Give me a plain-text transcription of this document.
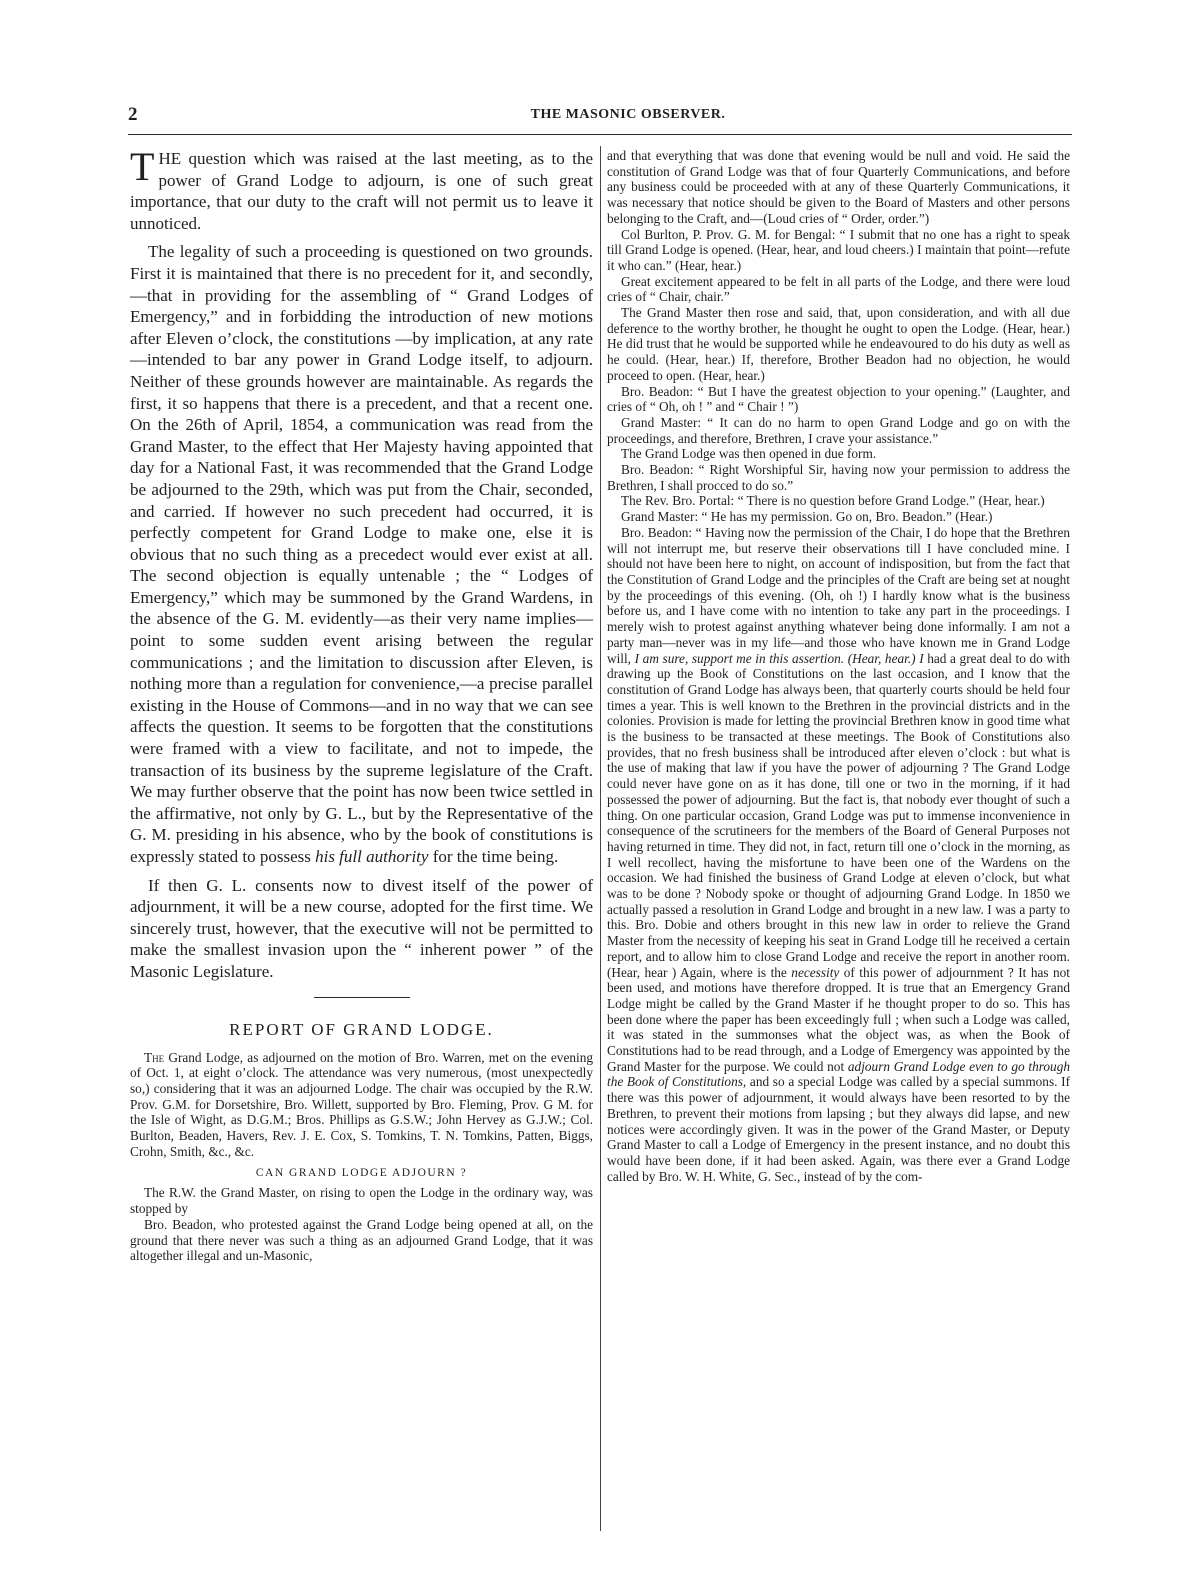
2	THE MASONIC OBSERVER.

THE question which was raised at the last meeting, as to the power of Grand Lodge to adjourn, is one of such great importance, that our duty to the craft will not permit us to leave it unnoticed.

The legality of such a proceeding is questioned on two grounds. First it is maintained that there is no precedent for it, and secondly,—that in providing for the assembling of “ Grand Lodges of Emergency,” and in forbidding the introduction of new motions after Eleven o’clock, the constitutions —by implication, at any rate—intended to bar any power in Grand Lodge itself, to adjourn. Neither of these grounds however are maintainable. As regards the first, it so happens that there is a precedent, and that a recent one. On the 26th of April, 1854, a communication was read from the Grand Master, to the effect that Her Majesty having appointed that day for a National Fast, it was recommended that the Grand Lodge be adjourned to the 29th, which was put from the Chair, seconded, and carried. If however no such precedent had occurred, it is perfectly competent for Grand Lodge to make one, else it is obvious that no such thing as a precedect would ever exist at all. The second objection is equally untenable ; the “ Lodges of Emergency,” which may be summoned by the Grand Wardens, in the absence of the G. M. evidently—as their very name implies—point to some sudden event arising between the regular communications ; and the limitation to discussion after Eleven, is nothing more than a regulation for convenience,—a precise parallel existing in the House of Commons—and in no way that we can see affects the question. It seems to be forgotten that the constitutions were framed with a view to facilitate, and not to impede, the transaction of its business by the supreme legislature of the Craft. We may further observe that the point has now been twice settled in the affirmative, not only by G. L., but by the Representative of the G. M. presiding in his absence, who by the book of constitutions is expressly stated to possess his full authority for the time being.

If then G. L. consents now to divest itself of the power of adjournment, it will be a new course, adopted for the first time. We sincerely trust, however, that the executive will not be permitted to make the smallest invasion upon the “ inherent power ” of the Masonic Legislature.

REPORT OF GRAND LODGE.

The Grand Lodge, as adjourned on the motion of Bro. Warren, met on the evening of Oct. 1, at eight o’clock. The attendance was very numerous, (most unexpectedly so,) considering that it was an adjourned Lodge. The chair was occupied by the R.W. Prov. G.M. for Dorsetshire, Bro. Willett, supported by Bro. Fleming, Prov. G M. for the Isle of Wight, as D.G.M.; Bros. Phillips as G.S.W.; John Hervey as G.J.W.; Col. Burlton, Beaden, Havers, Rev. J. E. Cox, S. Tomkins, T. N. Tomkins, Patten, Biggs, Crohn, Smith, &c., &c.

CAN GRAND LODGE ADJOURN ?

The R.W. the Grand Master, on rising to open the Lodge in the ordinary way, was stopped by

Bro. Beadon, who protested against the Grand Lodge being opened at all, on the ground that there never was such a thing as an adjourned Grand Lodge, that it was altogether illegal and un-Masonic,

and that everything that was done that evening would be null and void. He said the constitution of Grand Lodge was that of four Quarterly Communications, and before any business could be proceeded with at any of these Quarterly Communications, it was necessary that notice should be given to the Board of Masters and other persons belonging to the Craft, and—(Loud cries of “ Order, order.”)

Col Burlton, P. Prov. G. M. for Bengal: “ I submit that no one has a right to speak till Grand Lodge is opened. (Hear, hear, and loud cheers.) I maintain that point—refute it who can.” (Hear, hear.)

Great excitement appeared to be felt in all parts of the Lodge, and there were loud cries of “ Chair, chair.”

The Grand Master then rose and said, that, upon consideration, and with all due deference to the worthy brother, he thought he ought to open the Lodge. (Hear, hear.) He did trust that he would be supported while he endeavoured to do his duty as well as he could. (Hear, hear.) If, therefore, Brother Beadon had no objection, he would proceed to open. (Hear, hear.)

Bro. Beadon: “ But I have the greatest objection to your opening.” (Laughter, and cries of “ Oh, oh ! ” and “ Chair ! ”)

Grand Master: “ It can do no harm to open Grand Lodge and go on with the proceedings, and therefore, Brethren, I crave your assistance.”

The Grand Lodge was then opened in due form.

Bro. Beadon: “ Right Worshipful Sir, having now your permission to address the Brethren, I shall procced to do so.”

The Rev. Bro. Portal: “ There is no question before Grand Lodge.” (Hear, hear.)

Grand Master: “ He has my permission. Go on, Bro. Beadon.” (Hear.)

Bro. Beadon: “ Having now the permission of the Chair, I do hope that the Brethren will not interrupt me, but reserve their observations till I have concluded mine. I should not have been here to night, on account of indisposition, but from the fact that the Constitution of Grand Lodge and the principles of the Craft are being set at nought by the proceedings of this evening. (Oh, oh !) I hardly know what is the business before us, and I have come with no intention to take any part in the proceedings. I merely wish to protest against anything whatever being done informally. I am not a party man—never was in my life—and those who have known me in Grand Lodge will, I am sure, support me in this assertion. (Hear, hear.) I had a great deal to do with drawing up the Book of Constitutions on the last occasion, and I know that the constitution of Grand Lodge has always been, that quarterly courts should be held four times a year. This is well known to the Brethren in the provincial districts and in the colonies. Provision is made for letting the provincial Brethren know in good time what is the business to be transacted at these meetings. The Book of Constitutions also provides, that no fresh business shall be introduced after eleven o’clock : but what is the use of making that law if you have the power of adjourning ? The Grand Lodge could never have gone on as it has done, till one or two in the morning, if it had possessed the power of adjourning. But the fact is, that nobody ever thought of such a thing. On one particular occasion, Grand Lodge was put to immense inconvenience in consequence of the scrutineers for the members of the Board of General Purposes not having returned in time. They did not, in fact, return till one o’clock in the morning, as I well recollect, having the misfortune to have been one of the Wardens on the occasion. We had finished the business of Grand Lodge at eleven o’clock, but what was to be done ? Nobody spoke or thought of adjourning Grand Lodge. In 1850 we actually passed a resolution in Grand Lodge and brought in a new law. I was a party to this. Bro. Dobie and others brought in this new law in order to relieve the Grand Master from the necessity of keeping his seat in Grand Lodge till he received a certain report, and to allow him to close Grand Lodge and receive the report in another room. (Hear, hear ) Again, where is the necessity of this power of adjournment ? It has not been used, and motions have therefore dropped. It is true that an Emergency Grand Lodge might be called by the Grand Master if he thought proper to do so. This has been done where the paper has been exceedingly full ; when such a Lodge was called, it was stated in the summonses what the object was, as when the Book of Constitutions had to be read through, and a Lodge of Emergency was appointed by the Grand Master for the purpose. We could not adjourn Grand Lodge even to go through the Book of Constitutions, and so a special Lodge was called by a special summons. If there was this power of adjournment, it would always have been resorted to by the Brethren, to prevent their motions from lapsing ; but they always did lapse, and new notices were accordingly given. It was in the power of the Grand Master, or Deputy Grand Master to call a Lodge of Emergency in the present instance, and no doubt this would have been done, if it had been asked. Again, was there ever a Grand Lodge called by Bro. W. H. White, G. Sec., instead of by the com-
